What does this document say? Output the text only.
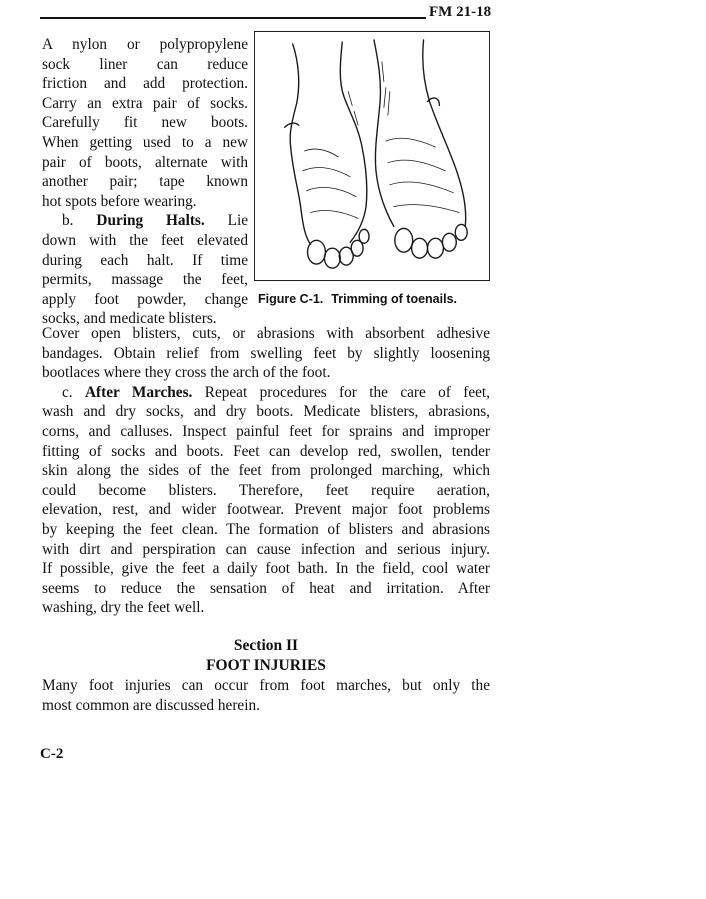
FM 21-18
Figure C-1. Trimming of toenails.
A nylon or polypropylene
sock liner can reduce
friction and add protection.
Carry an extra pair of socks.
Carefully fit new boots.
When getting used to a new
pair of boots, alternate with
another pair; tape known
hot spots before wearing.
b. During Halts. Lie
down with the feet elevated
during each halt. If time
permits, massage the feet,
apply foot powder, change
socks, and medicate blisters.
Cover open blisters, cuts, or abrasions with absorbent adhesive
bandages. Obtain relief from swelling feet by slightly loosening
bootlaces where they cross the arch of the foot.
c. After Marches. Repeat procedures for the care of feet,
wash and dry socks, and dry boots. Medicate blisters, abrasions,
corns, and calluses. Inspect painful feet for sprains and improper
fitting of socks and boots. Feet can develop red, swollen, tender
skin along the sides of the feet from prolonged marching, which
could become blisters. Therefore, feet require aeration,
elevation, rest, and wider footwear. Prevent major foot problems
by keeping the feet clean. The formation of blisters and abrasions
with dirt and perspiration can cause infection and serious injury.
If possible, give the feet a daily foot bath. In the field, cool water
seems to reduce the sensation of heat and irritation. After
washing, dry the feet well.
Section II
FOOT INJURIES
Many foot injuries can occur from foot marches, but only the
most common are discussed herein.
C-2
